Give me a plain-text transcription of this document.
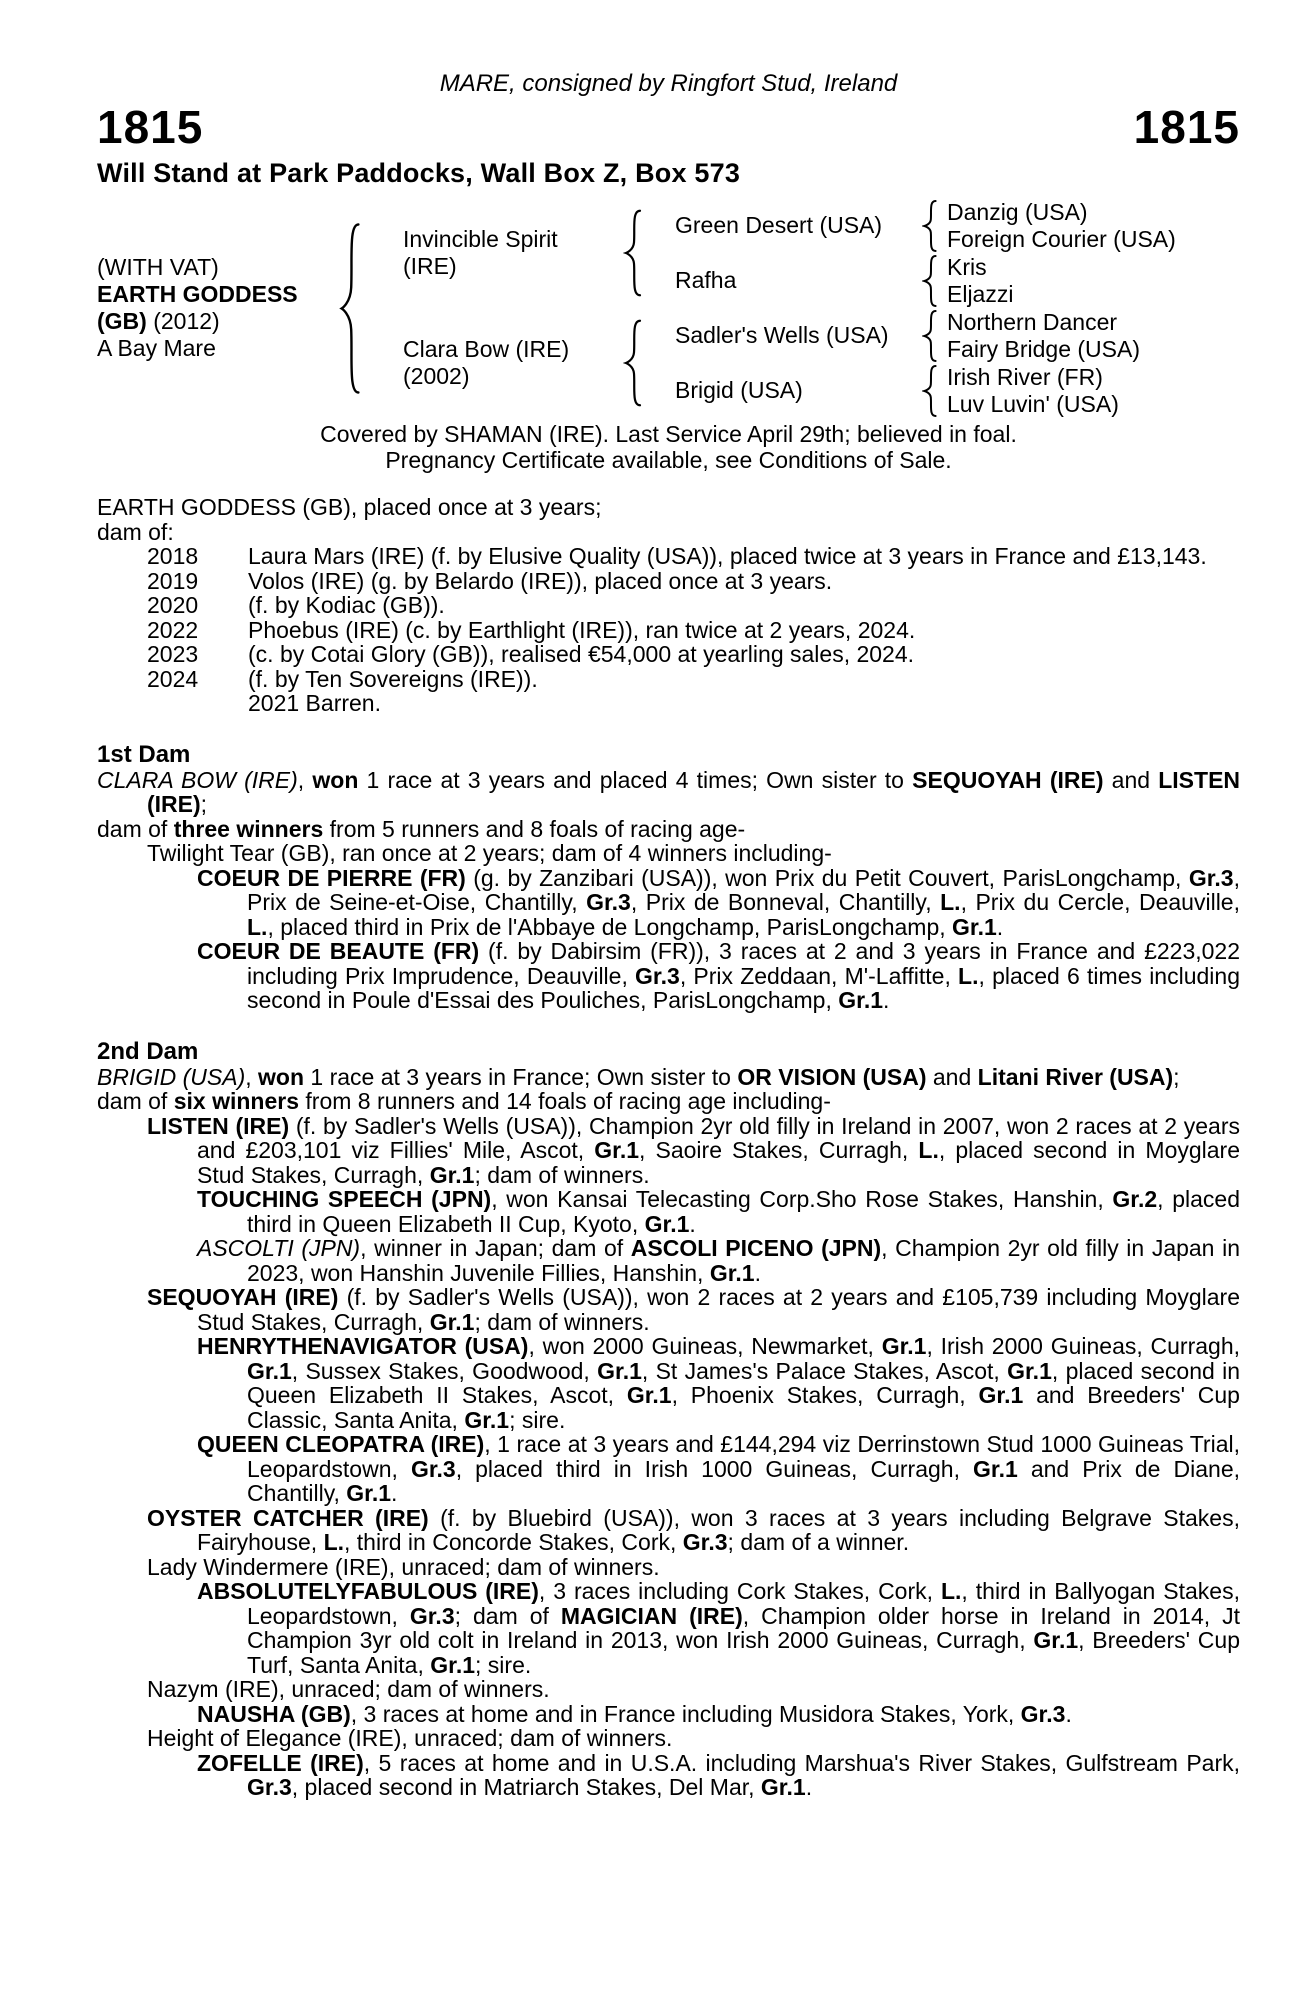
MARE, consigned by Ringfort Stud, Ireland
1815	1815
Will Stand at Park Paddocks, Wall Box Z, Box 573
(WITH VAT)
EARTH GODDESS
(GB) (2012)
A Bay Mare
Invincible Spirit (IRE)
Green Desert (USA)
Danzig (USA)
Foreign Courier (USA)
Rafha
Kris
Eljazzi
Clara Bow (IRE)
(2002)
Sadler's Wells (USA)
Northern Dancer
Fairy Bridge (USA)
Brigid (USA)
Irish River (FR)
Luv Luvin' (USA)
Covered by SHAMAN (IRE). Last Service April 29th; believed in foal.
Pregnancy Certificate available, see Conditions of Sale.
EARTH GODDESS (GB), placed once at 3 years;
dam of:
2018	Laura Mars (IRE) (f. by Elusive Quality (USA)), placed twice at 3 years in France and £13,143.
2019	Volos (IRE) (g. by Belardo (IRE)), placed once at 3 years.
2020	(f. by Kodiac (GB)).
2022	Phoebus (IRE) (c. by Earthlight (IRE)), ran twice at 2 years, 2024.
2023	(c. by Cotai Glory (GB)), realised €54,000 at yearling sales, 2024.
2024	(f. by Ten Sovereigns (IRE)).
2021 Barren.
1st Dam
CLARA BOW (IRE), won 1 race at 3 years and placed 4 times; Own sister to SEQUOYAH (IRE) and LISTEN (IRE);
dam of three winners from 5 runners and 8 foals of racing age-
Twilight Tear (GB), ran once at 2 years; dam of 4 winners including-
COEUR DE PIERRE (FR) (g. by Zanzibari (USA)), won Prix du Petit Couvert, ParisLongchamp, Gr.3, Prix de Seine-et-Oise, Chantilly, Gr.3, Prix de Bonneval, Chantilly, L., Prix du Cercle, Deauville, L., placed third in Prix de l'Abbaye de Longchamp, ParisLongchamp, Gr.1.
COEUR DE BEAUTE (FR) (f. by Dabirsim (FR)), 3 races at 2 and 3 years in France and £223,022 including Prix Imprudence, Deauville, Gr.3, Prix Zeddaan, M'-Laffitte, L., placed 6 times including second in Poule d'Essai des Pouliches, ParisLongchamp, Gr.1.
2nd Dam
BRIGID (USA), won 1 race at 3 years in France; Own sister to OR VISION (USA) and Litani River (USA);
dam of six winners from 8 runners and 14 foals of racing age including-
LISTEN (IRE) (f. by Sadler's Wells (USA)), Champion 2yr old filly in Ireland in 2007, won 2 races at 2 years and £203,101 viz Fillies' Mile, Ascot, Gr.1, Saoire Stakes, Curragh, L., placed second in Moyglare Stud Stakes, Curragh, Gr.1; dam of winners.
TOUCHING SPEECH (JPN), won Kansai Telecasting Corp.Sho Rose Stakes, Hanshin, Gr.2, placed third in Queen Elizabeth II Cup, Kyoto, Gr.1.
ASCOLTI (JPN), winner in Japan; dam of ASCOLI PICENO (JPN), Champion 2yr old filly in Japan in 2023, won Hanshin Juvenile Fillies, Hanshin, Gr.1.
SEQUOYAH (IRE) (f. by Sadler's Wells (USA)), won 2 races at 2 years and £105,739 including Moyglare Stud Stakes, Curragh, Gr.1; dam of winners.
HENRYTHENAVIGATOR (USA), won 2000 Guineas, Newmarket, Gr.1, Irish 2000 Guineas, Curragh, Gr.1, Sussex Stakes, Goodwood, Gr.1, St James's Palace Stakes, Ascot, Gr.1, placed second in Queen Elizabeth II Stakes, Ascot, Gr.1, Phoenix Stakes, Curragh, Gr.1 and Breeders' Cup Classic, Santa Anita, Gr.1; sire.
QUEEN CLEOPATRA (IRE), 1 race at 3 years and £144,294 viz Derrinstown Stud 1000 Guineas Trial, Leopardstown, Gr.3, placed third in Irish 1000 Guineas, Curragh, Gr.1 and Prix de Diane, Chantilly, Gr.1.
OYSTER CATCHER (IRE) (f. by Bluebird (USA)), won 3 races at 3 years including Belgrave Stakes, Fairyhouse, L., third in Concorde Stakes, Cork, Gr.3; dam of a winner.
Lady Windermere (IRE), unraced; dam of winners.
ABSOLUTELYFABULOUS (IRE), 3 races including Cork Stakes, Cork, L., third in Ballyogan Stakes, Leopardstown, Gr.3; dam of MAGICIAN (IRE), Champion older horse in Ireland in 2014, Jt Champion 3yr old colt in Ireland in 2013, won Irish 2000 Guineas, Curragh, Gr.1, Breeders' Cup Turf, Santa Anita, Gr.1; sire.
Nazym (IRE), unraced; dam of winners.
NAUSHA (GB), 3 races at home and in France including Musidora Stakes, York, Gr.3.
Height of Elegance (IRE), unraced; dam of winners.
ZOFELLE (IRE), 5 races at home and in U.S.A. including Marshua's River Stakes, Gulfstream Park, Gr.3, placed second in Matriarch Stakes, Del Mar, Gr.1.
